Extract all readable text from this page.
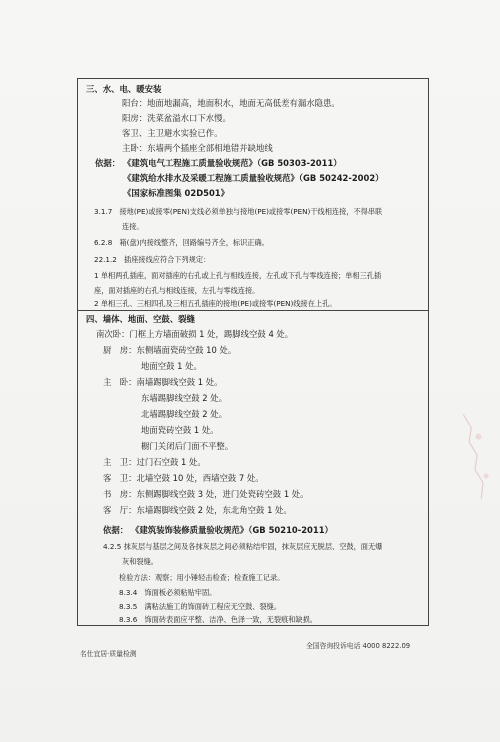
三、水、电、暖安装
阳台：地面地漏高，地面积水，地面无高低差有漏水隐患。
阳房：洗菜盆溢水口下水慢。
客卫、主卫避水实验已作。
主卧：东墙两个插座全部相地错并缺地线
依据： 《建筑电气工程施工质量验收规范》（GB 50303-2011）
《建筑给水排水及采暖工程施工质量验收规范》（GB 50242-2002）
《国家标准图集 02D501》
3.1.7　接地(PE)或接零(PEN)支线必须单独与接地(PE)或接零(PEN)干线相连接，不得串联
连接。
6.2.8　箱(盘)内接线整齐，回路编号齐全，标识正确。
22.1.2　插座接线应符合下列规定：
1 单相两孔插座，面对插座的右孔或上孔与相线连接，左孔或下孔与零线连接；单相三孔插
座，面对插座的右孔与相线连接，左孔与零线连接。
2 单相三孔、三相四孔及三相五孔插座的接地(PE)或接零(PEN)线接在上孔。
四、墙体、地面、空鼓、裂缝
南次卧：门框上方墙面破损 1 处，踢脚线空鼓 4 处。
厨　房：东侧墙面瓷砖空鼓 10 处。
地面空鼓 1 处。
主　卧：南墙踢脚线空鼓 1 处。
东墙踢脚线空鼓 2 处。
北墙踢脚线空鼓 2 处。
地面瓷砖空鼓 1 处。
橱门关闭后门面不平整。
主　卫：过门石空鼓 1 处。
客　卫：北墙空鼓 10 处，西墙空鼓 7 处。
书　房：东侧踢脚线空鼓 3 处，进门处瓷砖空鼓 1 处。
客　厅：东墙踢脚线空鼓 2 处，东北角空鼓 1 处。
依据： 《建筑装饰装修质量验收规范》（GB 50210-2011）
4.2.5 抹灰层与基层之间及各抹灰层之间必须粘结牢固，抹灰层应无脱层、空鼓，面无爆
灰和裂缝。
检验方法：观察；用小锤轻击检查；检查施工记录。
8.3.4　饰面板必须粘贴牢固。
8.3.5　满粘法施工的饰面砖工程应无空鼓、裂缝。
8.3.6　饰面砖表面应平整、洁净、色泽一致，无裂痕和缺损。
名仕宜居·质量检测
全国咨询投诉电话 4000 8222.09
